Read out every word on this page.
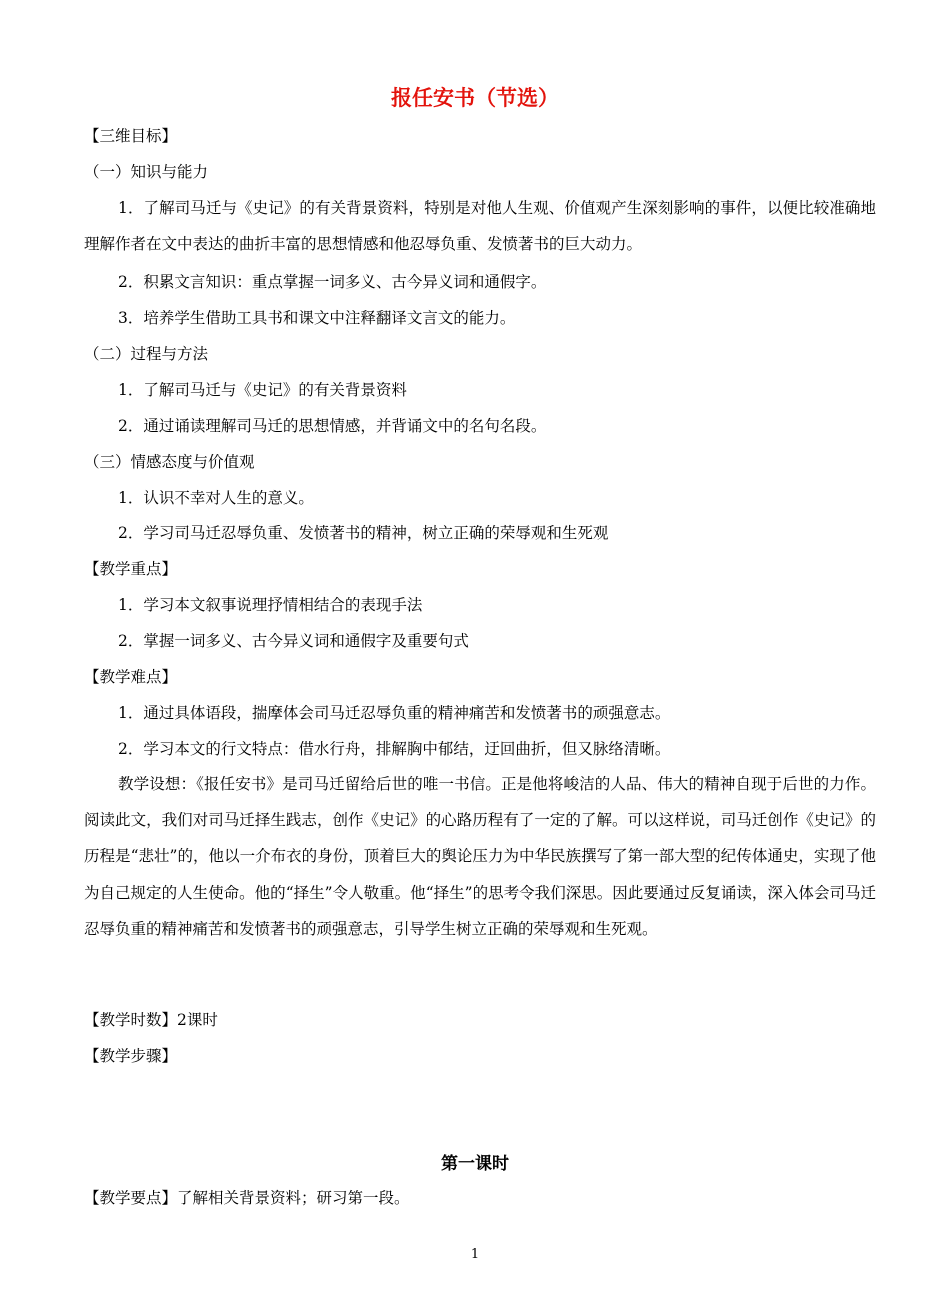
报任安书（节选）
【三维目标】
（一）知识与能力
1．了解司马迁与《史记》的有关背景资料，特别是对他人生观、价值观产生深刻影响的事件，以便比较准确地理解作者在文中表达的曲折丰富的思想情感和他忍辱负重、发愤著书的巨大动力。
2．积累文言知识：重点掌握一词多义、古今异义词和通假字。
3．培养学生借助工具书和课文中注释翻译文言文的能力。
（二）过程与方法
1．了解司马迁与《史记》的有关背景资料
2．通过诵读理解司马迁的思想情感，并背诵文中的名句名段。
（三）情感态度与价值观
1．认识不幸对人生的意义。
2．学习司马迁忍辱负重、发愤著书的精神，树立正确的荣辱观和生死观
【教学重点】
1．学习本文叙事说理抒情相结合的表现手法
2．掌握一词多义、古今异义词和通假字及重要句式
【教学难点】
1．通过具体语段，揣摩体会司马迁忍辱负重的精神痛苦和发愤著书的顽强意志。
2．学习本文的行文特点：借水行舟，排解胸中郁结，迂回曲折，但又脉络清晰。
教学设想：《报任安书》是司马迁留给后世的唯一书信。正是他将峻洁的人品、伟大的精神自现于后世的力作。阅读此文，我们对司马迁择生践志，创作《史记》的心路历程有了一定的了解。可以这样说，司马迁创作《史记》的历程是“悲壮”的，他以一介布衣的身份，顶着巨大的舆论压力为中华民族撰写了第一部大型的纪传体通史，实现了他为自己规定的人生使命。他的“择生”令人敬重。他“择生”的思考令我们深思。因此要通过反复诵读，深入体会司马迁忍辱负重的精神痛苦和发愤著书的顽强意志，引导学生树立正确的荣辱观和生死观。
【教学时数】2课时
【教学步骤】
第一课时
【教学要点】了解相关背景资料；研习第一段。
1
